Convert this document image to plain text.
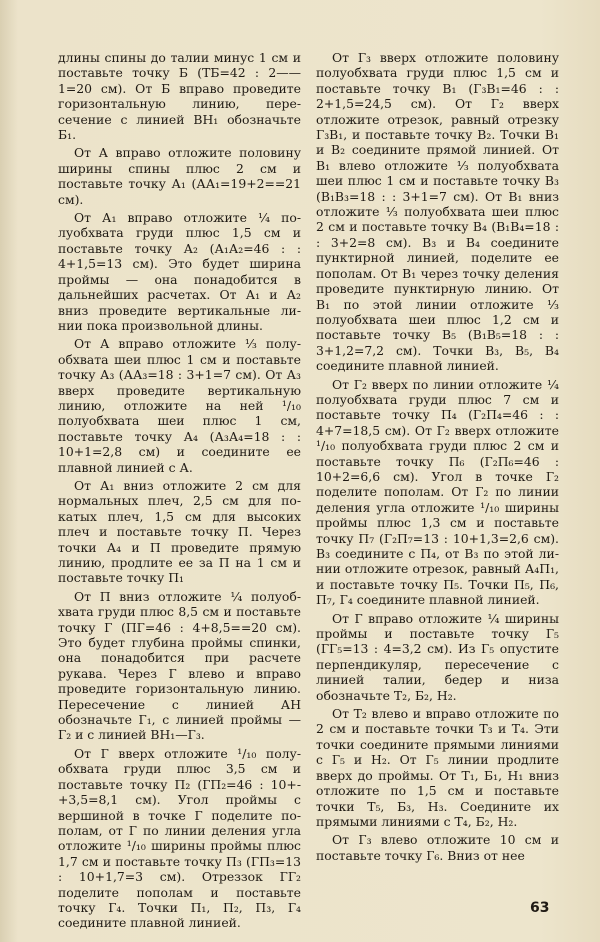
длины спины до талии минус 1 см и поставьте точку Б (ТБ=42 : 2——1=20 см). От Б вправо проведите горизонтальную линию, пересечение с линией ВН₁ обозначьте Б₁.

От А вправо отложите половину ширины спины плюс 2 см и поставьте точку А₁ (АА₁=19+2==21 см).

От А₁ вправо отложите ¼ полуобхвата груди плюс 1,5 см и поставьте точку А₂ (А₁А₂=46 : : 4+1,5=13 см). Это будет ширина проймы — она понадобится в дальнейших расчетах. От А₁ и А₂ вниз проведите вертикальные линии пока произвольной длины.

От А вправо отложите ⅓ полуобхвата шеи плюс 1 см и поставьте точку А₃ (АА₃=18 : 3+1=7 см). От А₃ вверх проведите вертикальную линию, отложите на ней ¹/₁₀ полуобхвата шеи плюс 1 см, поставьте точку А₄ (А₃А₄=18 : : 10+1=2,8 см) и соедините ее плавной линией с А.

От А₁ вниз отложите 2 см для нормальных плеч, 2,5 см для покатых плеч, 1,5 см для высоких плеч и поставьте точку П. Через точки А₄ и П проведите прямую линию, продлите ее за П на 1 см и поставьте точку П₁

От П вниз отложите ¼ полуобхвата груди плюс 8,5 см и поставьте точку Г (ПГ=46 : 4+8,5==20 см). Это будет глубина проймы спинки, она понадобится при расчете рукава. Через Г влево и вправо проведите горизонтальную линию. Пересечение с линией АН обозначьте Г₁, с линией проймы — Г₂ и с линией ВН₁—Г₃.

От Г вверх отложите ¹/₁₀ полуобхвата груди плюс 3,5 см и поставьте точку П₂ (ГП₂=46 : 10++3,5=8,1 см). Угол проймы с вершиной в точке Г поделите пополам, от Г по линии деления угла отложите ¹/₁₀ ширины проймы плюс 1,7 см и поставьте точку П₃ (ГП₃=13 : 10+1,7=3 см). Отреззок ГГ₂ поделите пополам и поставьте точку Г₄. Точки П₁, П₂, П₃, Г₄ соедините плавной линией.

От Г₃ вверх отложите половину полуобхвата груди плюс 1,5 см и поставьте точку В₁ (Г₃В₁=46 : : 2+1,5=24,5 см). От Г₂ вверх отложите отрезок, равный отрезку Г₃В₁, и поставьте точку В₂. Точки В₁ и В₂ соедините прямой линией. От В₁ влево отложите ⅓ полуобхвата шеи плюс 1 см и поставьте точку В₃ (В₁В₃=18 : : 3+1=7 см). От В₁ вниз отложите ⅓ полуобхвата шеи плюс 2 см и поставьте точку В₄ (В₁В₄=18 : : 3+2=8 см). В₃ и В₄ соедините пунктирной линией, поделите ее пополам. От В₁ через точку деления проведите пунктирную линию. От В₁ по этой линии отложите ⅓ полуобхвата шеи плюс 1,2 см и поставьте точку В₅ (В₁В₅=18 : : 3+1,2=7,2 см). Точки В₃, В₅, В₄ соедините плавной линией.

От Г₂ вверх по линии отложите ¼ полуобхвата груди плюс 7 см и поставьте точку П₄ (Г₂П₄=46 : : 4+7=18,5 см). От Г₂ вверх отложите ¹/₁₀ полуобхвата груди плюс 2 см и поставьте точку П₆ (Г₂П₆=46 : 10+2=6,6 см). Угол в точке Г₂ поделите пополам. От Г₂ по линии деления угла отложите ¹/₁₀ ширины проймы плюс 1,3 см и поставьте точку П₇ (Г₂П₇=13 : 10+1,3=2,6 см). В₃ соедините с П₄, от В₃ по этой линии отложите отрезок, равный А₄П₁, и поставьте точку П₅. Точки П₅, П₆, П₇, Г₄ соедините плавной линией.

От Г вправо отложите ¼ ширины проймы и поставьте точку Г₅ (ГГ₅=13 : 4=3,2 см). Из Г₅ опустите перпендикуляр, пересечение с линией талии, бедер и низа обозначьте Т₂, Б₂, Н₂.

От Т₂ влево и вправо отложите по 2 см и поставьте точки Т₃ и Т₄. Эти точки соедините прямыми линиями с Г₅ и Н₂. От Г₅ линии продлите вверх до проймы. От Т₁, Б₁, Н₁ вниз отложите по 1,5 см и поставьте точки Т₅, Б₃, Н₃. Соедините их прямыми линиями с Т₄, Б₂, Н₂.

От Г₃ влево отложите 10 см и поставьте точку Г₆. Вниз от нее

63
